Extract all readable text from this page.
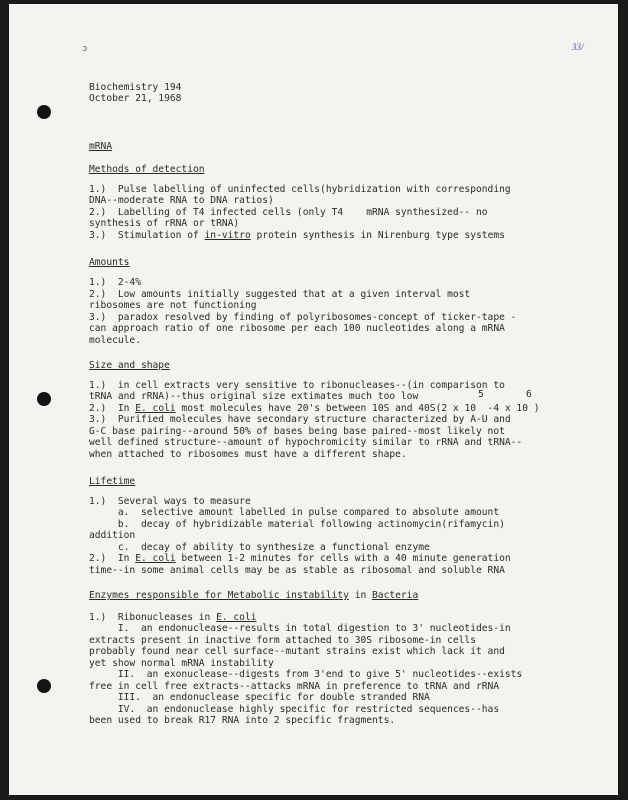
ɔ	33/
Biochemistry 194
October 21, 1968
mRNA
Methods of detection
1.)  Pulse labelling of uninfected cells(hybridization with corresponding
DNA--moderate RNA to DNA ratios)
2.)  Labelling of T4 infected cells (only T4    mRNA synthesized-- no
synthesis of rRNA or tRNA)
3.)  Stimulation of in-vitro protein synthesis in Nirenburg type systems
Amounts
1.)  2-4%
2.)  Low amounts initially suggested that at a given interval most
ribosomes are not functioning
3.)  paradox resolved by finding of polyribosomes-concept of ticker-tape -
can approach ratio of one ribosome per each 100 nucleotides along a mRNA
molecule.
Size and shape
1.)  in cell extracts very sensitive to ribonucleases--(in comparison to
tRNA and rRNA)--thus original size extimates much too low	5	6
2.)  In E. coli most molecules have 20's between 10S and 40S(2 x 10  -4 x 10 )
3.)  Purified molecules have secondary structure characterized by A-U and
G-C base pairing--around 50% of bases being base paired--most likely not
well defined structure--amount of hypochromicity similar to rRNA and tRNA--
when attached to ribosomes must have a different shape.
Lifetime
1.)  Several ways to measure
a.  selective amount labelled in pulse compared to absolute amount
b.  decay of hybridizable material following actinomycin(rifamycin)
addition
c.  decay of ability to synthesize a functional enzyme
2.)  In E. coli between 1-2 minutes for cells with a 40 minute generation
time--in some animal cells may be as stable as ribosomal and soluble RNA
Enzymes responsible for Metabolic instability in Bacteria
1.)  Ribonucleases in E. coli
I.  an endonuclease--results in total digestion to 3' nucleotides-in
extracts present in inactive form attached to 30S ribosome-in cells
probably found near cell surface--mutant strains exist which lack it and
yet show normal mRNA instability
II.  an exonuclease--digests from 3'end to give 5' nucleotides--exists
free in cell free extracts--attacks mRNA in preference to tRNA and rRNA
III.  an endonuclease specific for double stranded RNA
IV.  an endonuclease highly specific for restricted sequences--has
been used to break R17 RNA into 2 specific fragments.
